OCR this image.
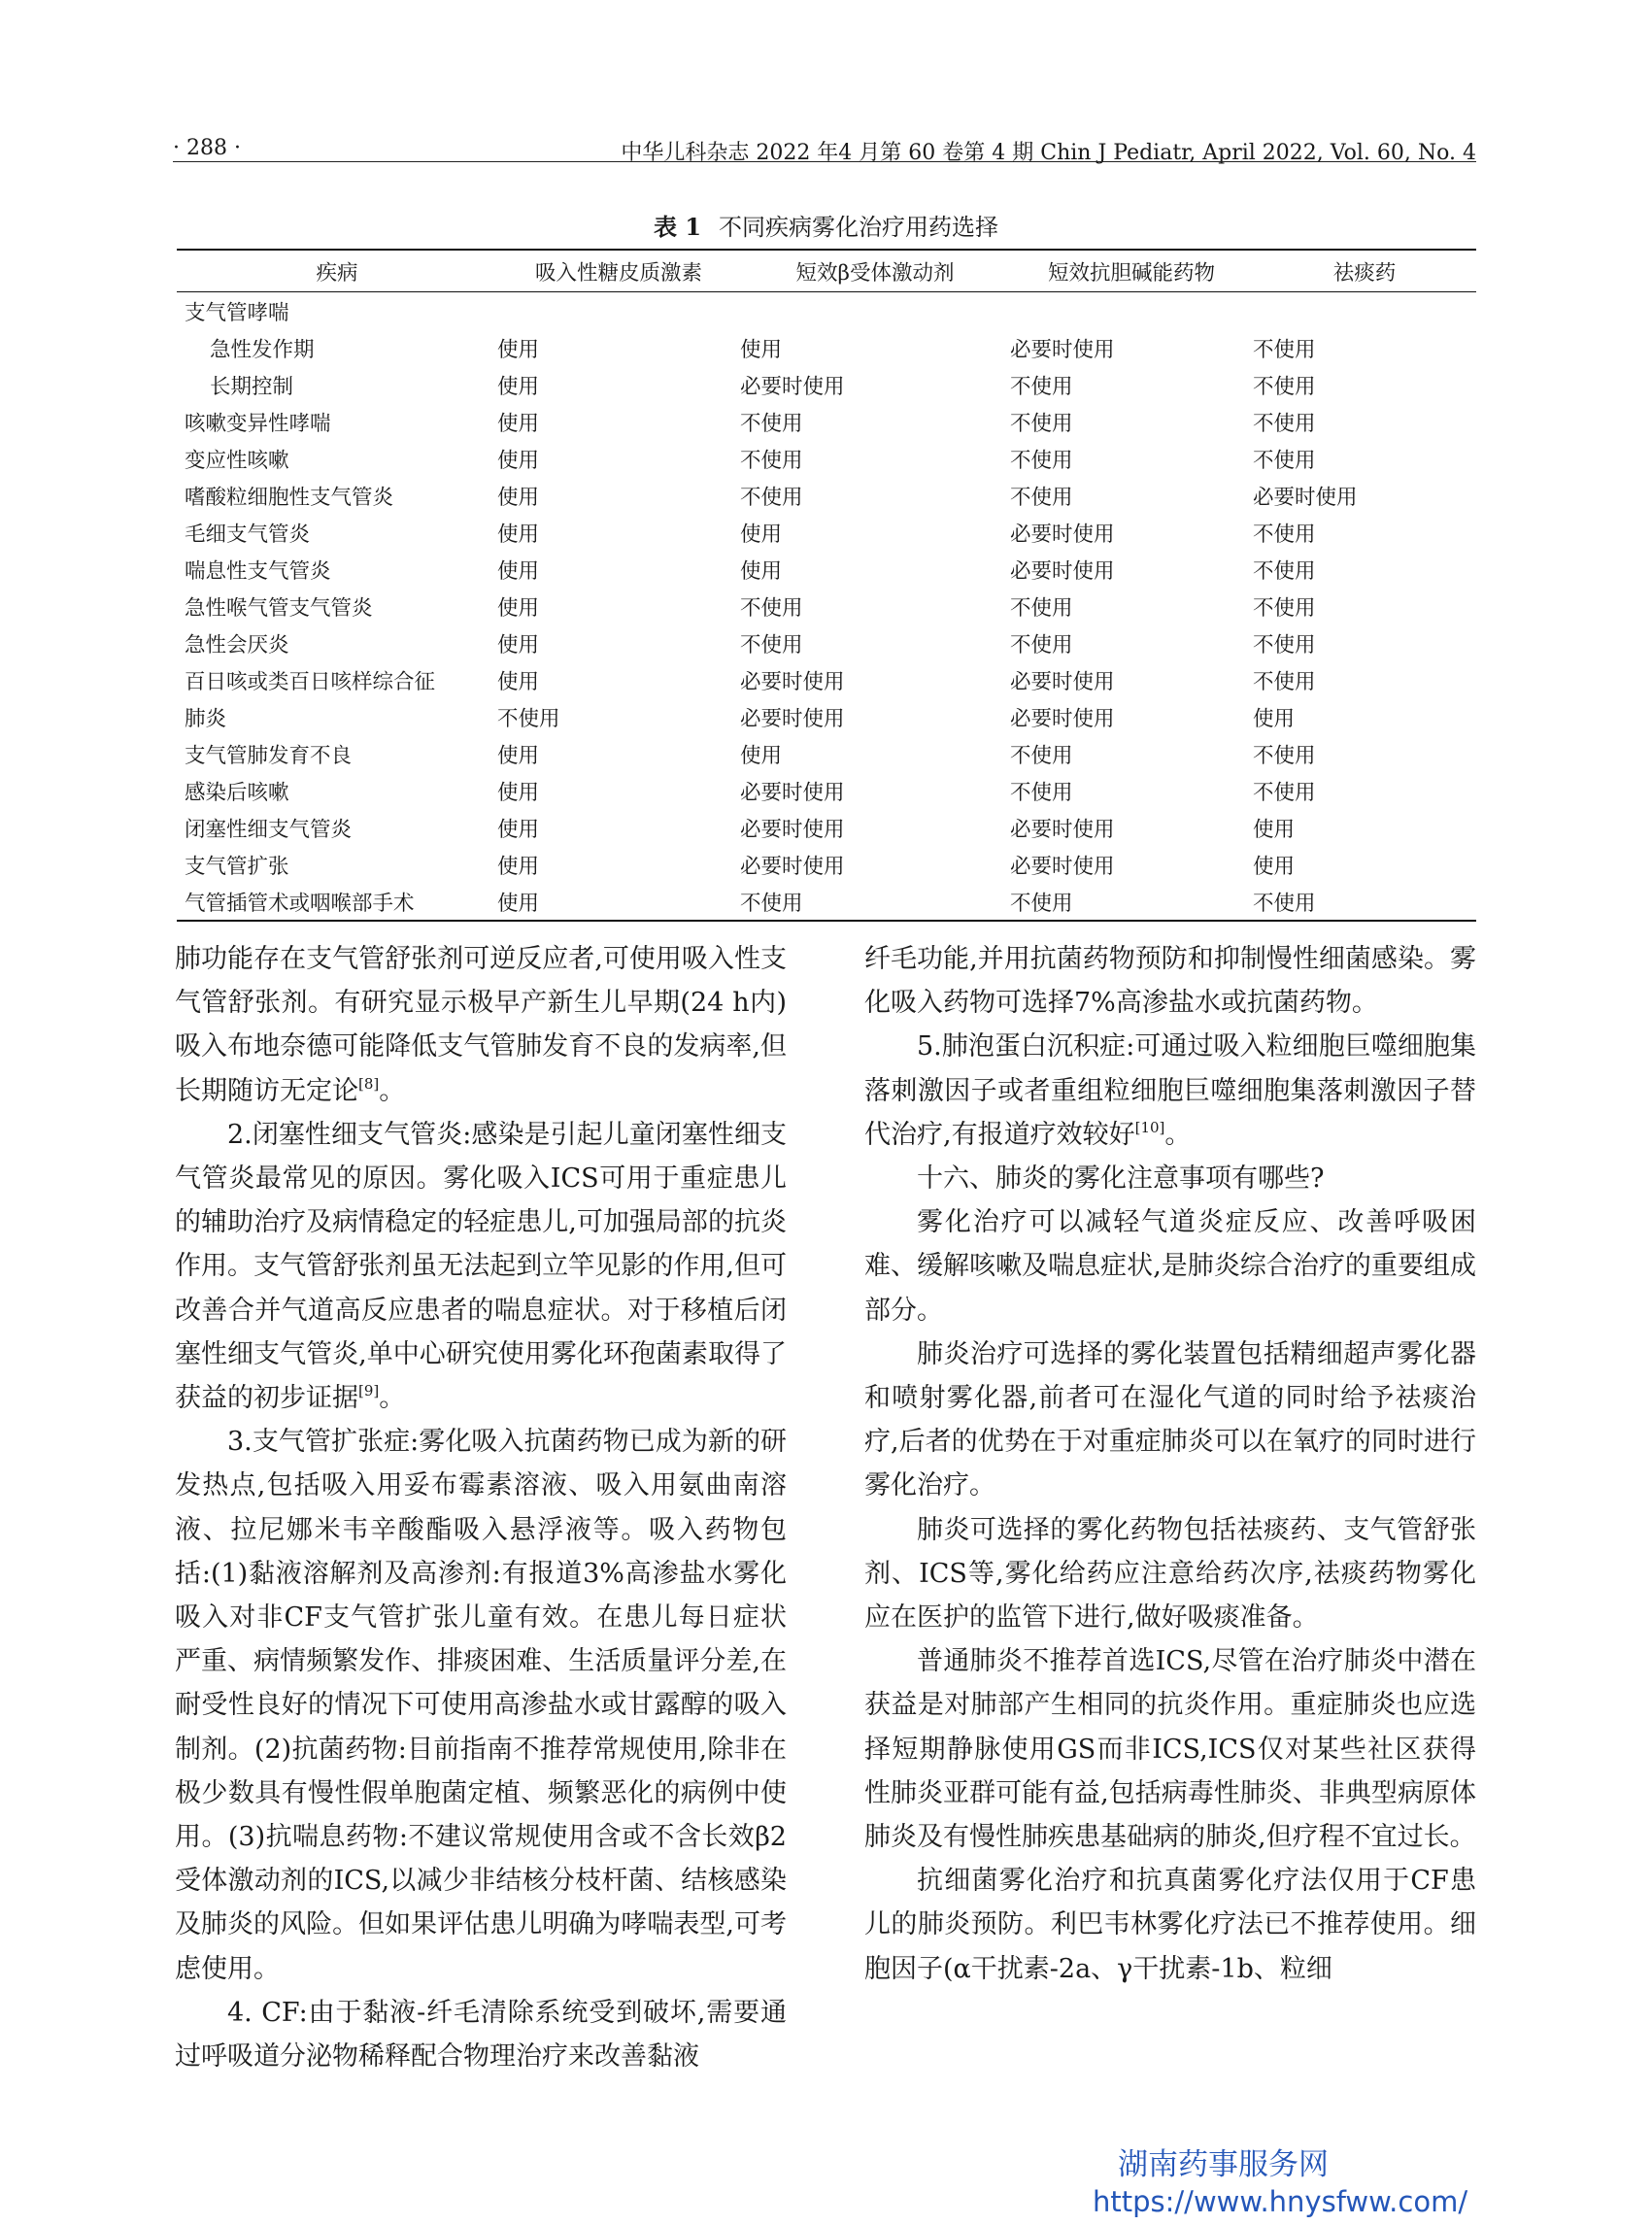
· 288 ·	中华儿科杂志 2022 年4 月第 60 卷第 4 期 Chin J Pediatr, April 2022, Vol. 60, No. 4
表 1 不同疾病雾化治疗用药选择
疾病	吸入性糖皮质激素	短效β受体激动剂	短效抗胆碱能药物	祛痰药
支气管哮喘				
急性发作期	使用	使用	必要时使用	不使用
长期控制	使用	必要时使用	不使用	不使用
咳嗽变异性哮喘	使用	不使用	不使用	不使用
变应性咳嗽	使用	不使用	不使用	不使用
嗜酸粒细胞性支气管炎	使用	不使用	不使用	必要时使用
毛细支气管炎	使用	使用	必要时使用	不使用
喘息性支气管炎	使用	使用	必要时使用	不使用
急性喉气管支气管炎	使用	不使用	不使用	不使用
急性会厌炎	使用	不使用	不使用	不使用
百日咳或类百日咳样综合征	使用	必要时使用	必要时使用	不使用
肺炎	不使用	必要时使用	必要时使用	使用
支气管肺发育不良	使用	使用	不使用	不使用
感染后咳嗽	使用	必要时使用	不使用	不使用
闭塞性细支气管炎	使用	必要时使用	必要时使用	使用
支气管扩张	使用	必要时使用	必要时使用	使用
气管插管术或咽喉部手术	使用	不使用	不使用	不使用

肺功能存在支气管舒张剂可逆反应者,可使用吸入性支气管舒张剂。有研究显示极早产新生儿早期(24 h内)吸入布地奈德可能降低支气管肺发育不良的发病率,但长期随访无定论[8]。

2.闭塞性细支气管炎:感染是引起儿童闭塞性细支气管炎最常见的原因。雾化吸入ICS可用于重症患儿的辅助治疗及病情稳定的轻症患儿,可加强局部的抗炎作用。支气管舒张剂虽无法起到立竿见影的作用,但可改善合并气道高反应患者的喘息症状。对于移植后闭塞性细支气管炎,单中心研究使用雾化环孢菌素取得了获益的初步证据[9]。

3.支气管扩张症:雾化吸入抗菌药物已成为新的研发热点,包括吸入用妥布霉素溶液、吸入用氨曲南溶液、拉尼娜米韦辛酸酯吸入悬浮液等。吸入药物包括:(1)黏液溶解剂及高渗剂:有报道3%高渗盐水雾化吸入对非CF支气管扩张儿童有效。在患儿每日症状严重、病情频繁发作、排痰困难、生活质量评分差,在耐受性良好的情况下可使用高渗盐水或甘露醇的吸入制剂。(2)抗菌药物:目前指南不推荐常规使用,除非在极少数具有慢性假单胞菌定植、频繁恶化的病例中使用。(3)抗喘息药物:不建议常规使用含或不含长效β2受体激动剂的ICS,以减少非结核分枝杆菌、结核感染及肺炎的风险。但如果评估患儿明确为哮喘表型,可考虑使用。

4. CF:由于黏液-纤毛清除系统受到破坏,需要通过呼吸道分泌物稀释配合物理治疗来改善黏液

纤毛功能,并用抗菌药物预防和抑制慢性细菌感染。雾化吸入药物可选择7%高渗盐水或抗菌药物。

5.肺泡蛋白沉积症:可通过吸入粒细胞巨噬细胞集落刺激因子或者重组粒细胞巨噬细胞集落刺激因子替代治疗,有报道疗效较好[10]。

十六、肺炎的雾化注意事项有哪些?

雾化治疗可以减轻气道炎症反应、改善呼吸困难、缓解咳嗽及喘息症状,是肺炎综合治疗的重要组成部分。

肺炎治疗可选择的雾化装置包括精细超声雾化器和喷射雾化器,前者可在湿化气道的同时给予祛痰治疗,后者的优势在于对重症肺炎可以在氧疗的同时进行雾化治疗。

肺炎可选择的雾化药物包括祛痰药、支气管舒张剂、ICS等,雾化给药应注意给药次序,祛痰药物雾化应在医护的监管下进行,做好吸痰准备。

普通肺炎不推荐首选ICS,尽管在治疗肺炎中潜在获益是对肺部产生相同的抗炎作用。重症肺炎也应选择短期静脉使用GS而非ICS,ICS仅对某些社区获得性肺炎亚群可能有益,包括病毒性肺炎、非典型病原体肺炎及有慢性肺疾患基础病的肺炎,但疗程不宜过长。

抗细菌雾化治疗和抗真菌雾化疗法仅用于CF患儿的肺炎预防。利巴韦林雾化疗法已不推荐使用。细胞因子(α干扰素-2a、γ干扰素-1b、粒细

湖南药事服务网
https://www.hnysfww.com/
